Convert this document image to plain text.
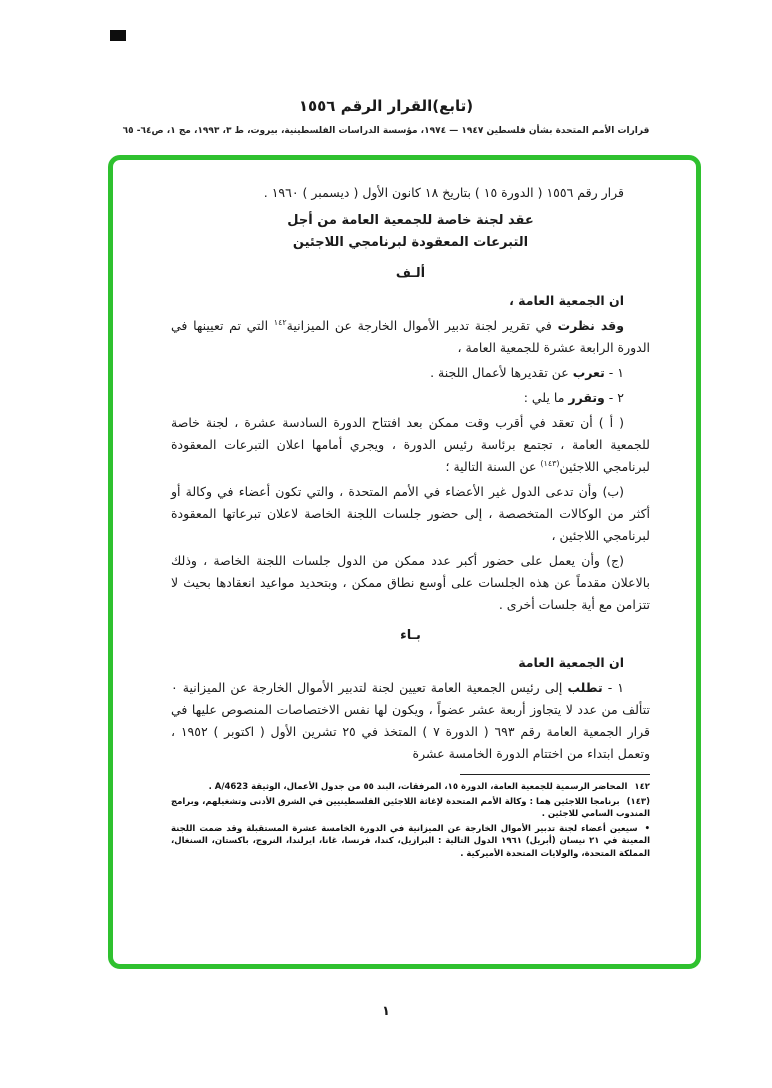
(تابع)القرار الرقم ١٥٥٦
قرارات الأمم المتحدة بشأن فلسطين ١٩٤٧ — ١٩٧٤، مؤسسة الدراسات الفلسطينية، بيروت، ط ٣، ١٩٩٣، مج ١، ص٦٤- ٦٥

قرار رقم ١٥٥٦ ( الدورة ١٥ ) بتاريخ ١٨ كانون الأول ( ديسمبر ) ١٩٦٠ .

عقد لجنة خاصة للجمعية العامة من أجل
التبرعات المعقودة لبرنامجي اللاجئين
ألـف

ان الجمعية العامة ،

وقد نظرت في تقرير لجنة تدبير الأموال الخارجة عن الميزانية$^{١٤٢}$ التي تم تعيينها في الدورة الرابعة عشرة للجمعية العامة ،

١ - تعرب عن تقديرها لأعمال اللجنة .

٢ - وتقرر ما يلي :

( أ ) أن تعقد في أقرب وقت ممكن بعد افتتاح الدورة السادسة عشرة ، لجنة خاصة للجمعية العامة ، تجتمع برئاسة رئيس الدورة ، ويجري أمامها اعلان التبرعات المعقودة لبرنامجي اللاجئين$^{(١٤٣)}$ عن السنة التالية ؛

(ب) وأن تدعى الدول غير الأعضاء في الأمم المتحدة ، والتي تكون أعضاء في وكالة أو أكثر من الوكالات المتخصصة ، إلى حضور جلسات اللجنة الخاصة لاعلان تبرعاتها المعقودة لبرنامجي اللاجئين ،

(ج) وأن يعمل على حضور أكبر عدد ممكن من الدول جلسات اللجنة الخاصة ، وذلك بالاعلان مقدماً عن هذه الجلسات على أوسع نطاق ممكن ، وبتحديد مواعيد انعقادها بحيث لا تتزامن مع أية جلسات أخرى .

بـاء

ان الجمعية العامة

١ - تطلب إلى رئيس الجمعية العامة تعيين لجنة لتدبير الأموال الخارجة عن الميزانية ٠ تتألف من عدد لا يتجاوز أربعة عشر عضواً ، ويكون لها نفس الاختصاصات المنصوص عليها في قرار الجمعية العامة رقم ٦٩٣ ( الدورة ٧ ) المتخذ في ٢٥ تشرين الأول ( اكتوبر ) ١٩٥٢ ، وتعمل ابتداء من اختتام الدورة الخامسة عشرة

١٤٢المحاضر الرسمية للجمعية العامة، الدورة ١٥، المرفقات، البند ٥٥ من جدول الأعمال، الوثيقة A/4623 .

(١٤٣)برنامجا اللاجئين هما : وكالة الأمم المتحدة لإغاثة اللاجئين الفلسطينيين في الشرق الأدنى وتشغيلهم، وبرامج المندوب السامي للاجئين .

•سيعين أعضاء لجنة تدبير الأموال الخارجة عن الميزانية في الدورة الخامسة عشرة المستقبلة وقد ضمت اللجنة المعينة في ٢١ نيسان (أبريل) ١٩٦١ الدول التالية : البرازيل، كندا، فرنسا، غانا، ايرلندا، النروج، باكستان، السنغال، المملكة المتحدة، والولايات المتحدة الأميركية .

١
